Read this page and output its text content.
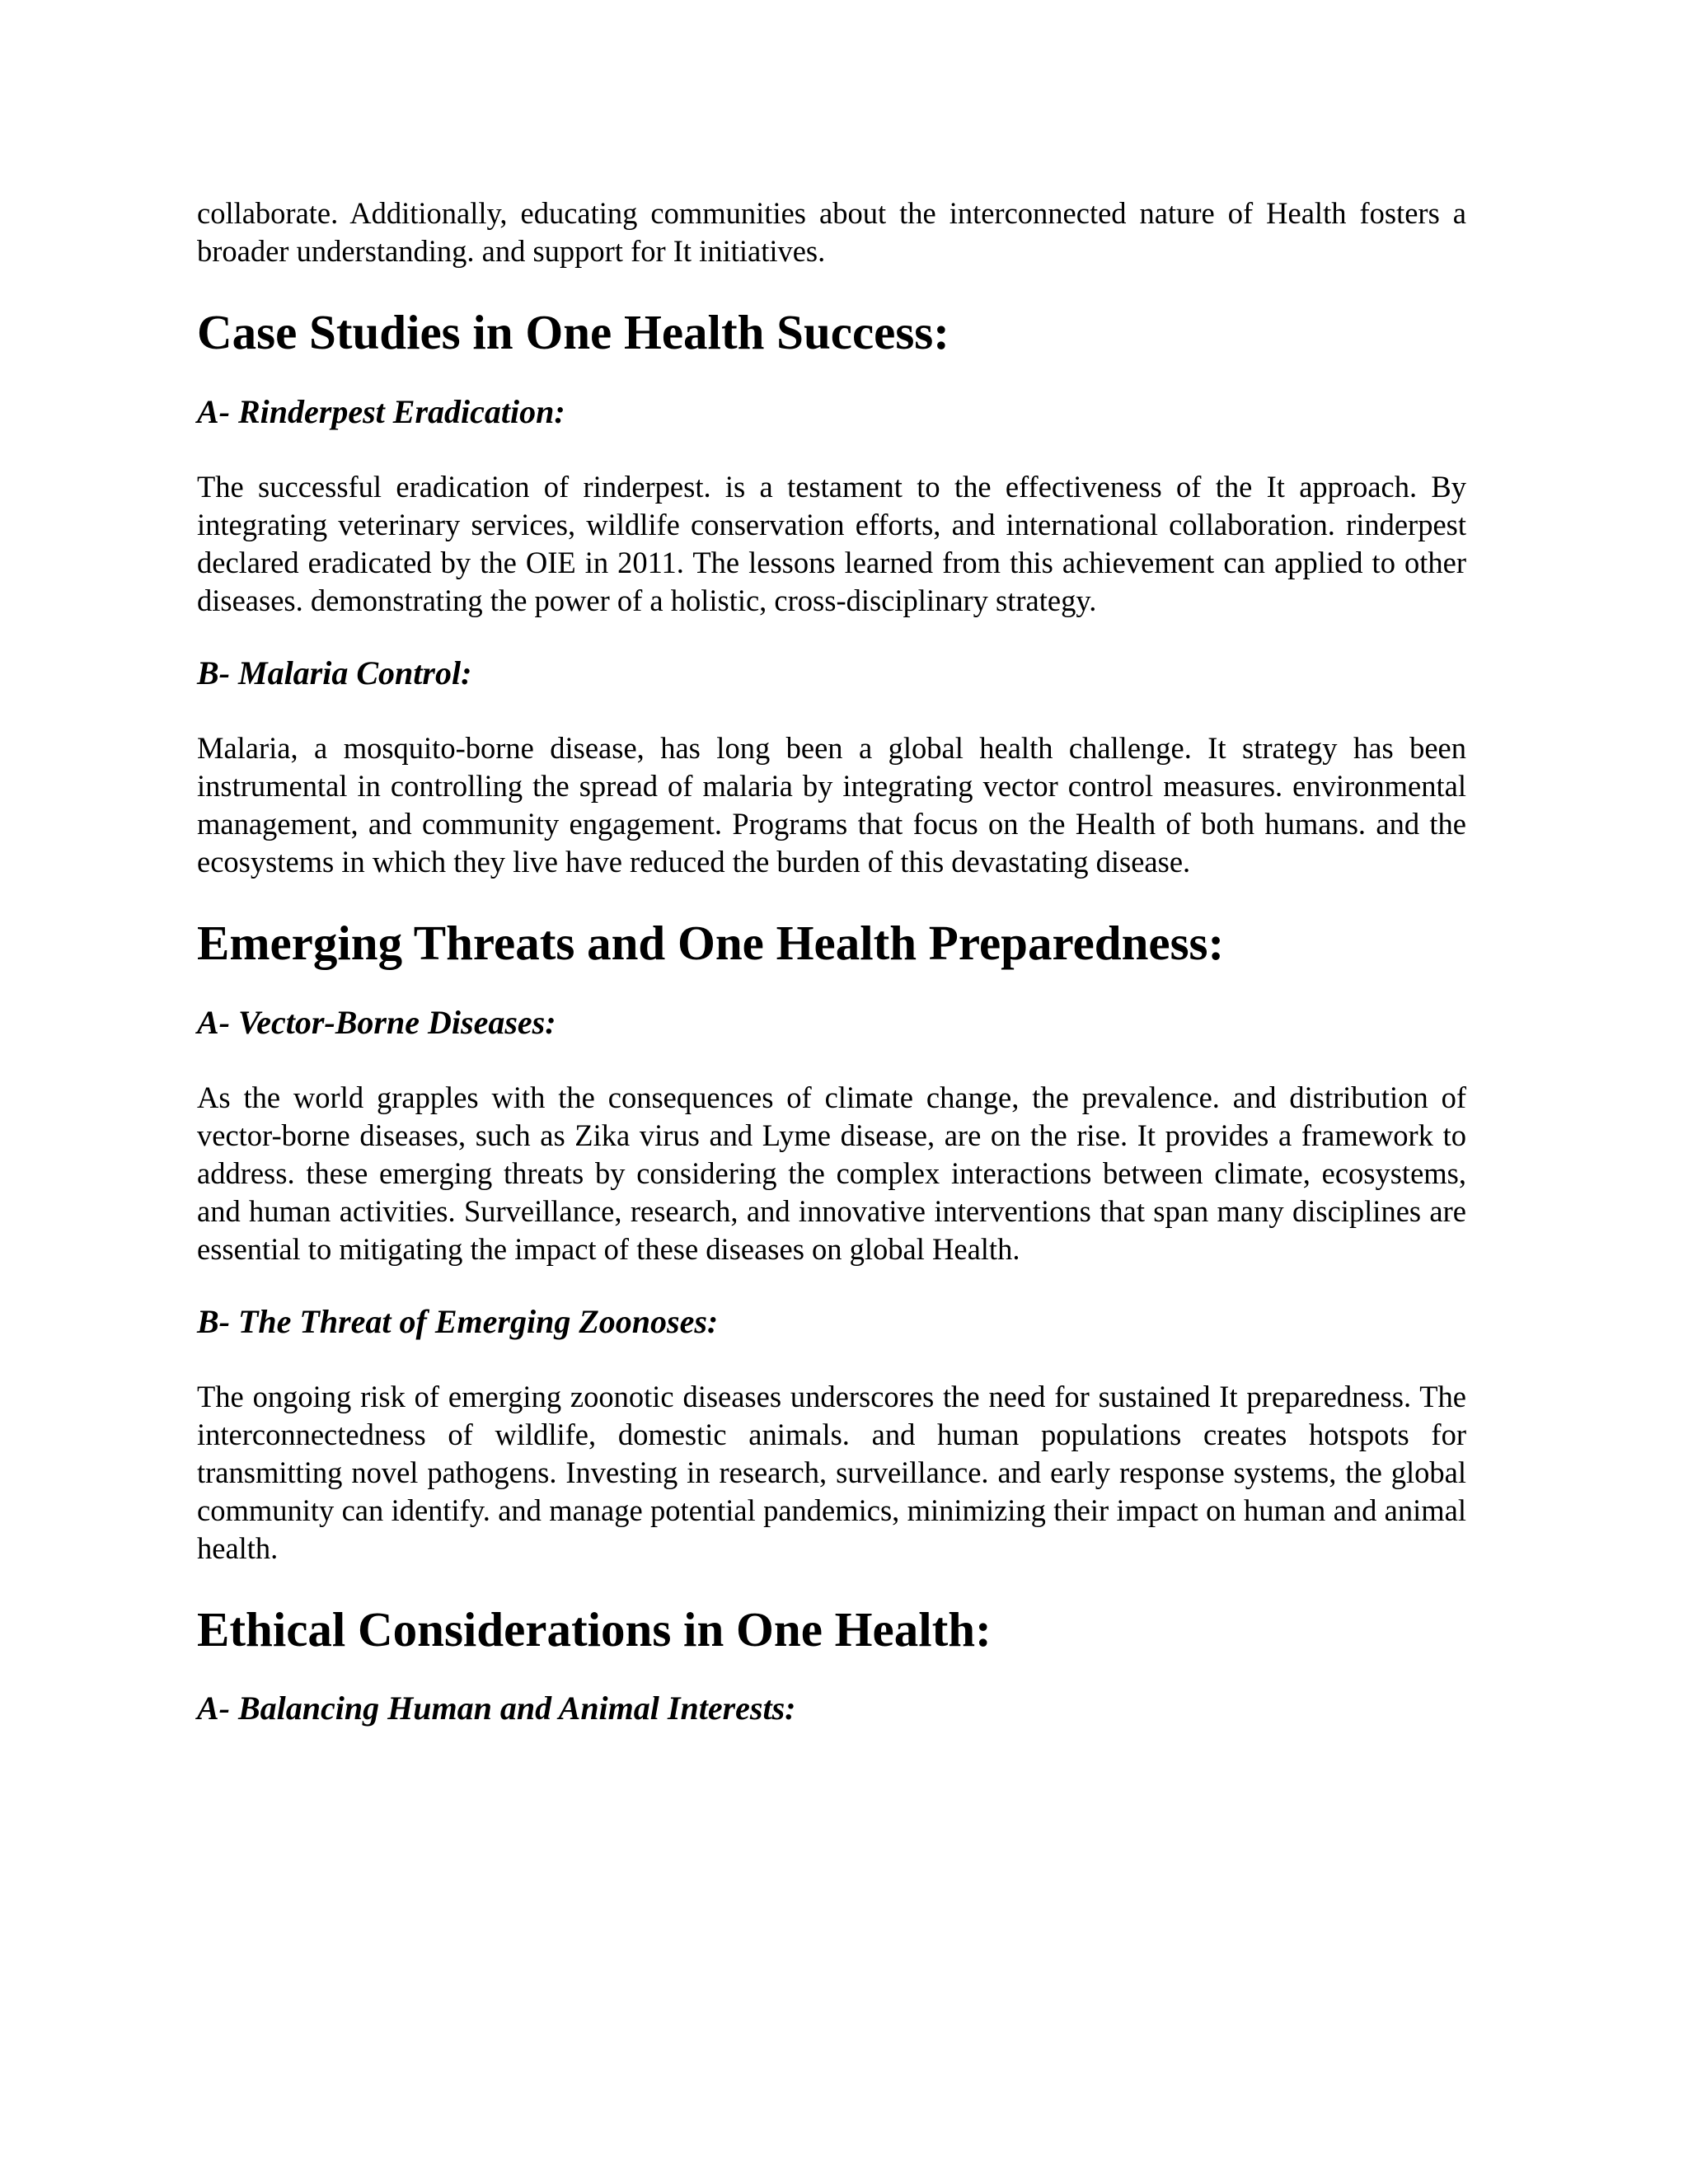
collaborate. Additionally, educating communities about the interconnected nature of Health fosters a broader understanding. and support for It initiatives.

Case Studies in One Health Success:
A- Rinderpest Eradication:

The successful eradication of rinderpest. is a testament to the effectiveness of the It approach. By integrating veterinary services, wildlife conservation efforts, and international collaboration. rinderpest declared eradicated by the OIE in 2011. The lessons learned from this achievement can applied to other diseases. demonstrating the power of a holistic, cross-disciplinary strategy.

B- Malaria Control:

Malaria, a mosquito-borne disease, has long been a global health challenge. It strategy has been instrumental in controlling the spread of malaria by integrating vector control measures. environmental management, and community engagement. Programs that focus on the Health of both humans. and the ecosystems in which they live have reduced the burden of this devastating disease.

Emerging Threats and One Health Preparedness:
A- Vector-Borne Diseases:

As the world grapples with the consequences of climate change, the prevalence. and distribution of vector-borne diseases, such as Zika virus and Lyme disease, are on the rise. It provides a framework to address. these emerging threats by considering the complex interactions between climate, ecosystems, and human activities. Surveillance, research, and innovative interventions that span many disciplines are essential to mitigating the impact of these diseases on global Health.

B- The Threat of Emerging Zoonoses:

The ongoing risk of emerging zoonotic diseases underscores the need for sustained It preparedness. The interconnectedness of wildlife, domestic animals. and human populations creates hotspots for transmitting novel pathogens. Investing in research, surveillance. and early response systems, the global community can identify. and manage potential pandemics, minimizing their impact on human and animal health.

Ethical Considerations in One Health:
A- Balancing Human and Animal Interests:
